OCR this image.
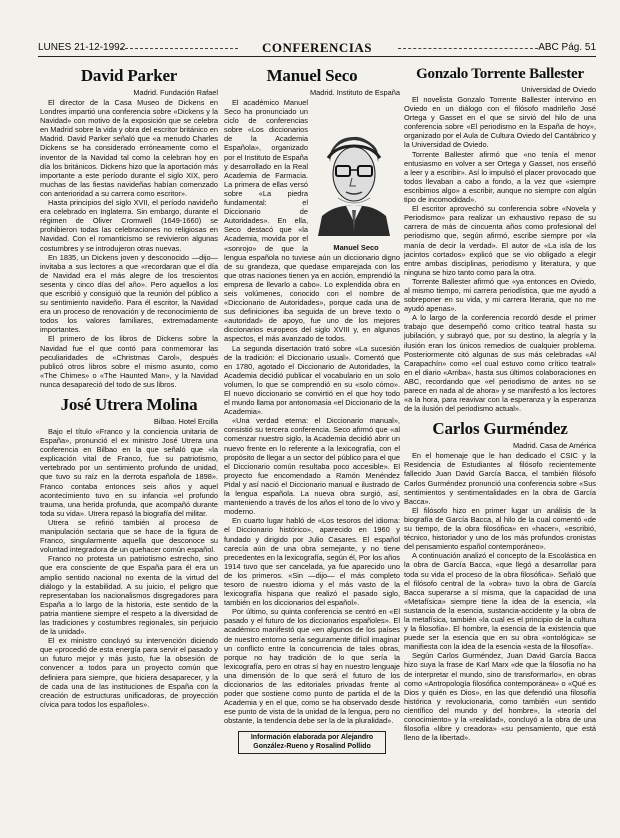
LUNES 21-12-1992	CONFERENCIAS	ABC Pág. 51
David Parker
Madrid. Fundación Rafael

El director de la Casa Museo de Dickens en Londres impartió una conferencia sobre «Dickens y la Navidad» con motivo de la exposición que se celebra en Madrid sobre la vida y obra del escritor británico en Madrid. David Parker señaló que «a menudo Charles Dickens se ha considerado erróneamente como el inventor de la Navidad tal como la celebran hoy en día los británicos. Dickens hizo que la aportación más importante a este período durante el siglo XIX, pero muchas de las fiestas navideñas habían comenzado con anterioridad a su carrera como escritor».

Hasta principios del siglo XVII, el período navideño era celebrado en Inglaterra. Sin embargo, durante el régimen de Oliver Cromwell (1649-1660) se prohibieron todas las celebraciones no religiosas en Navidad. Con el romanticismo se revivieron algunas costumbres y se introdujeron otras nuevas.

En 1835, un Dickens joven y desconocido —dijo— invitaba a sus lectores a que «recordaran que el día de Navidad era el más alegre de los trescientos sesenta y cinco días del año». Pero aquellos a los que escribió y consiguió que la reunión del público a su sentimiento navideño. Para él escritor, la Navidad era un proceso de renovación y de reconocimiento de todos los valores familiares, extremadamente importantes.

El primero de los libros de Dickens sobre la Navidad fue el que contó para conmemorar las peculiaridades de «Christmas Carol», después publicó otros libros sobre el mismo asunto, como «The Chimes» o «The Haunted Man», y la Navidad nunca desapareció del todo de sus libros.

José Utrera Molina
Bilbao. Hotel Ercilla

Bajo el título «Franco y la conciencia unitaria de España», pronunció el ex ministro José Utrera una conferencia en Bilbao en la que señaló que «la explicación vital de Franco, fue su patriotismo, vertebrado por un sentimiento profundo de unidad, que tuvo su raíz en la derrota española de 1898». Franco contaba entonces seis años y aquel acontecimiento tuvo en su infancia «el profundo trauma, una herida profunda, que acompañó durante toda su vida». Utrera repasó la biografía del militar.

Utrera se refirió también al proceso de manipulación sectaria que se hace de la figura de Franco, singularmente aquella que desconoce su voluntad integradora de un quehacer común español.

Franco no protesta un patriotismo estrecho, sino que era consciente de que España para él era un amplio sentido nacional no exenta de la virtud del diálogo y la estabilidad. A su juicio, el peligro que representaban los nacionalismos disgregadores para España a lo largo de la historia, este sentido de la patria mantiene siempre el respeto a la diversidad de las tradiciones y costumbres regionales, sin perjuicio de la unidad».

El ex ministro concluyó su intervención diciendo que «procedió de esta energía para servir el pasado y un futuro mejor y más justo, fue la obsesión de convencer a todos para un proyecto común que definiera para siempre, que hiciera desaparecer, y la de cada una de las instituciones de España con la creación de estructuras unificadoras, de proyección cívica para todos los españoles».

Manuel Seco
Madrid. Instituto de España
Manuel Seco

El académico Manuel Seco ha pronunciado un ciclo de conferencias sobre «Los diccionarios de la Academia Española», organizado por el Instituto de España y desarrollado en la Real Academia de Farmacia. La primera de ellas versó sobre «La piedra fundamental: el Diccionario de Autoridades». En ella, Seco destacó que «la Academia, movida por el «sonrojo» de que la lengua española no tuviese aún un diccionario digno de su grandeza, que quedase emparejada con los que otras naciones tienen ya en acción, emprendió la empresa de llevarlo a cabo». Lo explendida obra en seis volúmenes, conocido con el nombre de «Diccionario de Autoridades», porque cada una de sus definiciones iba seguida de un breve texto o «autoridad» de apoyo, fue uno de los mejores diccionarios europeos del siglo XVIII y, en algunos aspectos, el más avanzado de todos.

La segunda disertación trató sobre «La sucesión de la tradición: el Diccionario usual». Comentó que en 1780, agotado el Diccionario de Autoridades, la Academia decidió publicar el vocabulario en un solo volumen, lo que se comprendió en su «solo cómo». El nuevo diccionario se convirtió en el que hoy todo el mundo llama por antonomasia «el Diccionario de la Academia».

«Una verdad eterna: el Diccionario manual», consistió su tercera conferencia. Seco afirmó que «al comenzar nuestro siglo, la Academia decidió abrir un nuevo frente en lo referente a la lexicografía, con el propósito de llegar a un sector del público para el que el Diccionario común resultaba poco accesible». El proyecto fue encomendado a Ramón Menéndez Pidal y así nació el Diccionario manual e ilustrado de la lengua española. La nueva obra surgió, así, manteniendo a través de los años el tono de lo vivo y moderno.

En cuarto lugar habló de «Los tesoros del idioma: el Diccionario histórico», aparecido en 1960 y fundado y dirigido por Julio Casares. El español carecía aún de una obra semejante, y no tiene precedentes en la lexicografía, según él, Por los años 1914 tuvo que ser cancelada, ya fue aparecido uno de los primeros. «Sin —dijo— el más completo tesoro de nuestro idioma y el más vasto de la lexicografía hispana que realizó el pasado siglo, también en los diccionarios del español».

Por último, su quinta conferencia se centró en «El pasado y el futuro de los diccionarios españoles». El académico manifestó que «en algunos de los países de nuestro entorno sería seguramente difícil imaginar un conflicto entre la concurrencia de tales obras, porque no hay tradición de lo que sería la lexicografía, pero en otras sí hay en nuestro lenguaje una dimensión de lo que será el futuro de los diccionarios de las editoriales privadas frente al poder que sostiene como punto de partida el de la Academia y en el que, como se ha observado desde ese punto de vista de la unidad de la lengua, pero no obstante, la tendencia debe ser la de la pluralidad».

Información elaborada por Alejandro González-Rueno y Rosalind Pollido
Gonzalo Torrente Ballester
Universidad de Oviedo

El novelista Gonzalo Torrente Ballester intervino en Oviedo en un diálogo con el filósofo madrileño José Ortega y Gasset en el que se sirvió del hilo de una conferencia sobre «El periodismo en la España de hoy», organizado por el Aula de Cultura Oviedo del Cantábrico y la Universidad de Oviedo.

Torrente Ballester afirmó que «no tenía el menor entusiasmo en volver a ser Ortega y Gasset, nos enseñó a leer y a escribir». Así lo impulsó el placer provocado que todos llevaban a cabo a fondo, a la vez que «siempre escribimos algo» a escribir, aunque no siempre con algún tipo de incomodidad».

El escritor aprovechó su conferencia sobre «Novela y Periodismo» para realizar un exhaustivo repaso de su carrera de más de cincuenta años como profesional del periodismo que, según afirmó, escribe siempre por «la manía de decir la verdad». El autor de «La isla de los jacintos cortados» explicó que se vio obligado a elegir entre ambas disciplinas, periodismo y literatura, y que ninguna se hizo tanto como para la otra.

Torrente Ballester afirmó que «ya entonces en Oviedo, al mismo tiempo, mi carrera periodística, que me ayudó a sobreponer en su vida, y mi carrera literaria, que no me ayudó apenas».

A lo largo de la conferencia recordó desde el primer trabajo que desempeñó como crítico teatral hasta su jubilación, y subrayó que, por su destino, la alegría y la ilusión eran los únicos remedios de cualquier problema. Posteriormente citó algunas de sus más celebradas «Al Carapachín» como «el cual estuvo como crítico teatral» en el diario «Arriba», hasta sus últimos colaboraciones en ABC, recordando que «el periodismo de antes no se parece en nada al de ahora» y se manifestó a los lectores «a la hora, para reavivar con la esperanza y la esperanza de la ilusión del periodismo actual».

Carlos Gurméndez
Madrid. Casa de América

En el homenaje que le han dedicado el CSIC y la Residencia de Estudiantes al filósofo recientemente fallecido Juan David García Bacca, el también filósofo Carlos Gurméndez pronunció una conferencia sobre «Sus sentimientos y sentimentalidades en la obra de García Bacca».

El filósofo hizo en primer lugar un análisis de la biografía de García Bacca, al hilo de la cual comentó «de su tiempo, de la obra filosófica» en «hacer», «escribió, técnico, historiador y uno de los más profundos cronistas del pensamiento español contemporáneo».

A continuación analizó el concepto de la Escolástica en la obra de García Bacca, «que llegó a desarrollar para toda su vida el proceso de la obra filosófica». Señaló que el filósofo central de la «obra» tuvo la obra de García Bacca superarse a sí misma, que la capacidad de una «Metafísica» siempre tiene la idea de la esencia, «la sustancia de la esencia, sustancia-accidente y la obra de la metafísica, también «la cual es el principio de la cultura y la filosofía». El hombre, la esencia de la existencia que puede ser la esencia que en su obra «ontológica» se manifiesta con la idea de la esencia «esta de la filosofía».

Según Carlos Gurméndez, Juan David García Bacca hizo suya la frase de Karl Marx «de que la filosofía no ha de interpretar el mundo, sino de transformarlo», en obras como «Antropología filosófica contemporánea» o «Qué es Dios y quién es Dios», en las que defendió una filosofía histórica y revolucionaria, como también «un sentido científico del mundo y del hombre», la «teoría del conocimiento» y la «realidad», concluyó a la obra de una filosofía «libre y creadora» «su pensamiento, que está lleno de la libertad».
